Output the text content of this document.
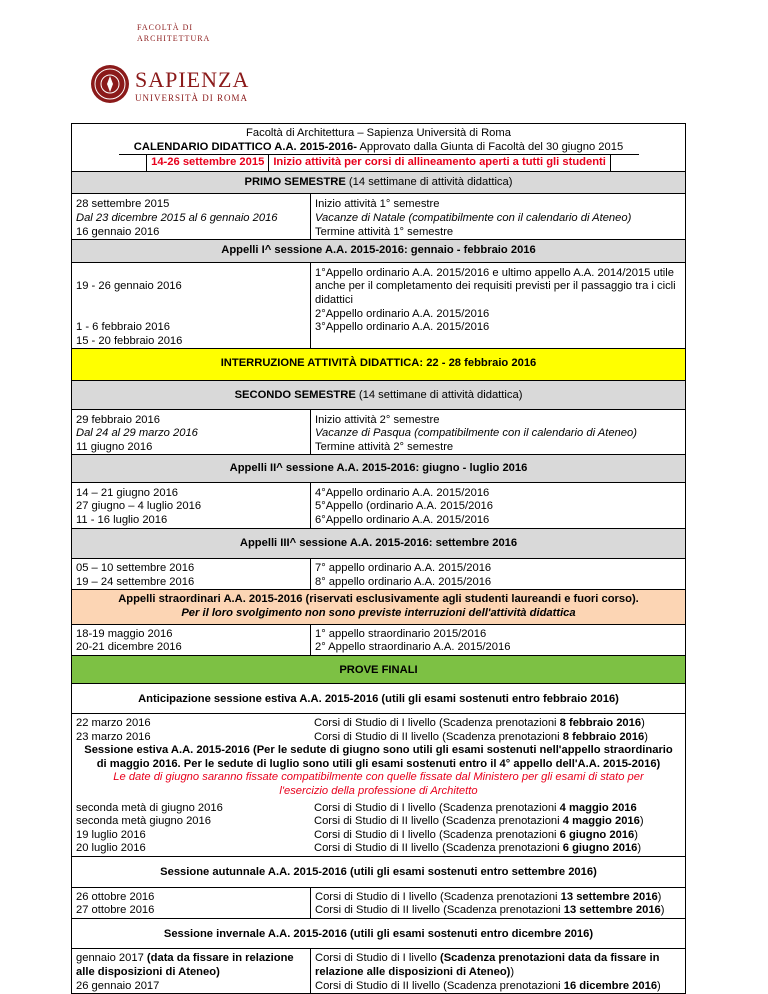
FACOLTÀ DI
ARCHITETTURA
SAPIENZA
UNIVERSITÀ DI ROMA
Facoltà di Architettura – Sapienza Università di Roma
CALENDARIO DIDATTICO A.A. 2015-2016- Approvato dalla Giunta di Facoltà del 30 giugno 2015
14-26 settembre 2015 Inizio attività per corsi di allineamento aperti a tutti gli studenti
PRIMO SEMESTRE (14 settimane di attività didattica)
28 settembre 2015
Dal 23 dicembre 2015 al 6 gennaio 2016
16 gennaio 2016
Inizio attività 1° semestre
Vacanze di Natale (compatibilmente con il calendario di Ateneo)
Termine attività 1° semestre
Appelli I^ sessione A.A. 2015-2016: gennaio - febbraio 2016
19 - 26 gennaio 2016
1 - 6 febbraio 2016
15 - 20 febbraio 2016
1°Appello ordinario A.A. 2015/2016 e ultimo appello A.A. 2014/2015 utile anche per il completamento dei requisiti previsti per il passaggio tra i cicli didattici
2°Appello ordinario A.A. 2015/2016
3°Appello ordinario A.A. 2015/2016
INTERRUZIONE ATTIVITÀ DIDATTICA: 22 - 28 febbraio 2016
SECONDO SEMESTRE (14 settimane di attività didattica)
29 febbraio 2016
Dal 24 al 29 marzo 2016
11 giugno 2016
Inizio attività 2° semestre
Vacanze di Pasqua (compatibilmente con il calendario di Ateneo)
Termine attività 2° semestre
Appelli II^ sessione A.A. 2015-2016: giugno - luglio 2016
14 – 21 giugno 2016
27 giugno – 4 luglio 2016
11 - 16 luglio 2016
4°Appello ordinario A.A. 2015/2016
5°Appello (ordinario A.A. 2015/2016
6°Appello ordinario A.A. 2015/2016
Appelli III^ sessione A.A. 2015-2016: settembre 2016
05 – 10 settembre 2016
19 – 24 settembre 2016
7° appello ordinario A.A. 2015/2016
8° appello ordinario A.A. 2015/2016
Appelli straordinari A.A. 2015-2016 (riservati esclusivamente agli studenti laureandi e fuori corso).
Per il loro svolgimento non sono previste interruzioni dell'attività didattica
18-19 maggio 2016
20-21 dicembre 2016
1° appello straordinario 2015/2016
2° Appello straordinario A.A. 2015/2016
PROVE FINALI
Anticipazione sessione estiva A.A. 2015-2016 (utili gli esami sostenuti entro febbraio 2016)
22 marzo 2016
23 marzo 2016
Corsi di Studio di I livello (Scadenza prenotazioni 8 febbraio 2016)
Corsi di Studio di II livello (Scadenza prenotazioni 8 febbraio 2016)
Sessione estiva A.A. 2015-2016 (Per le sedute di giugno sono utili gli esami sostenuti nell'appello straordinario di maggio 2016. Per le sedute di luglio sono utili gli esami sostenuti entro il 4° appello dell'A.A. 2015-2016)
Le date di giugno saranno fissate compatibilmente con quelle fissate dal Ministero per gli esami di stato per l'esercizio della professione di Architetto
seconda metà di giugno 2016
seconda metà giugno 2016
19 luglio 2016
20 luglio 2016
Corsi di Studio di I livello (Scadenza prenotazioni 4 maggio 2016
Corsi di Studio di II livello (Scadenza prenotazioni 4 maggio 2016)
Corsi di Studio di I livello (Scadenza prenotazioni 6 giugno 2016)
Corsi di Studio di II livello (Scadenza prenotazioni 6 giugno 2016)
Sessione autunnale A.A. 2015-2016 (utili gli esami sostenuti entro settembre 2016)
26 ottobre 2016
27 ottobre 2016
Corsi di Studio di I livello (Scadenza prenotazioni 13 settembre 2016)
Corsi di Studio di II livello (Scadenza prenotazioni 13 settembre 2016)
Sessione invernale A.A. 2015-2016 (utili gli esami sostenuti entro dicembre 2016)
gennaio 2017 (data da fissare in relazione alle disposizioni di Ateneo)
26 gennaio 2017
Corsi di Studio di I livello (Scadenza prenotazioni data da fissare in relazione alle disposizioni di Ateneo))
Corsi di Studio di II livello (Scadenza prenotazioni 16 dicembre 2016)
